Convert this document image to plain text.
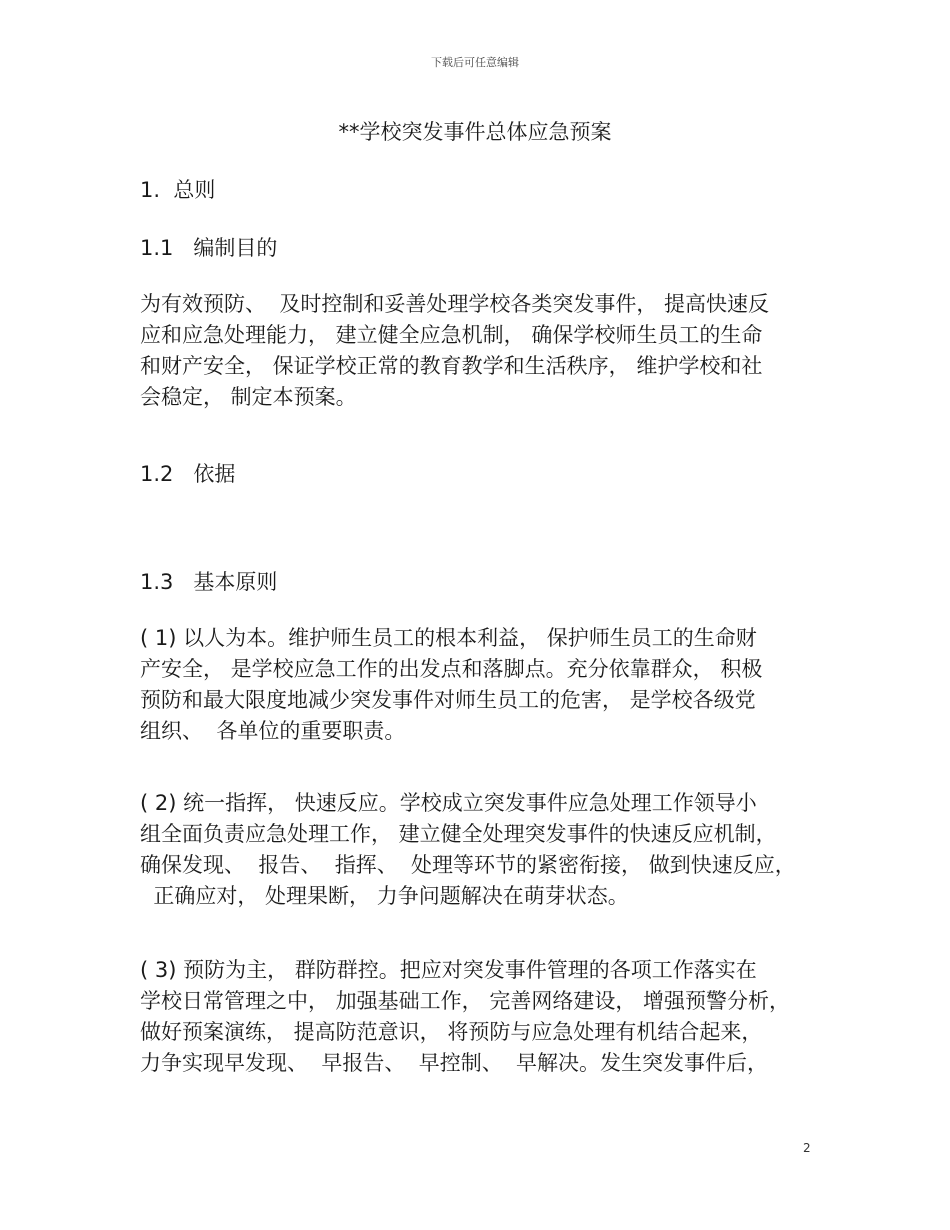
下载后可任意编辑
**学校突发事件总体应急预案
1.  总则
1.1   编制目的
为有效预防、  及时控制和妥善处理学校各类突发事件， 提高快速反
应和应急处理能力， 建立健全应急机制， 确保学校师生员工的生命
和财产安全， 保证学校正常的教育教学和生活秩序， 维护学校和社
会稳定， 制定本预案。
1.2   依据
1.3   基本原则
( 1) 以人为本。维护师生员工的根本利益， 保护师生员工的生命财
产安全， 是学校应急工作的出发点和落脚点。充分依靠群众， 积极
预防和最大限度地减少突发事件对师生员工的危害， 是学校各级党
组织、  各单位的重要职责。
( 2) 统一指挥， 快速反应。学校成立突发事件应急处理工作领导小
组全面负责应急处理工作， 建立健全处理突发事件的快速反应机制，
确保发现、  报告、  指挥、  处理等环节的紧密衔接， 做到快速反应，
正确应对， 处理果断， 力争问题解决在萌芽状态。
( 3) 预防为主， 群防群控。把应对突发事件管理的各项工作落实在
学校日常管理之中， 加强基础工作， 完善网络建设， 增强预警分析，
做好预案演练， 提高防范意识， 将预防与应急处理有机结合起来，
力争实现早发现、  早报告、  早控制、  早解决。发生突发事件后，
2
